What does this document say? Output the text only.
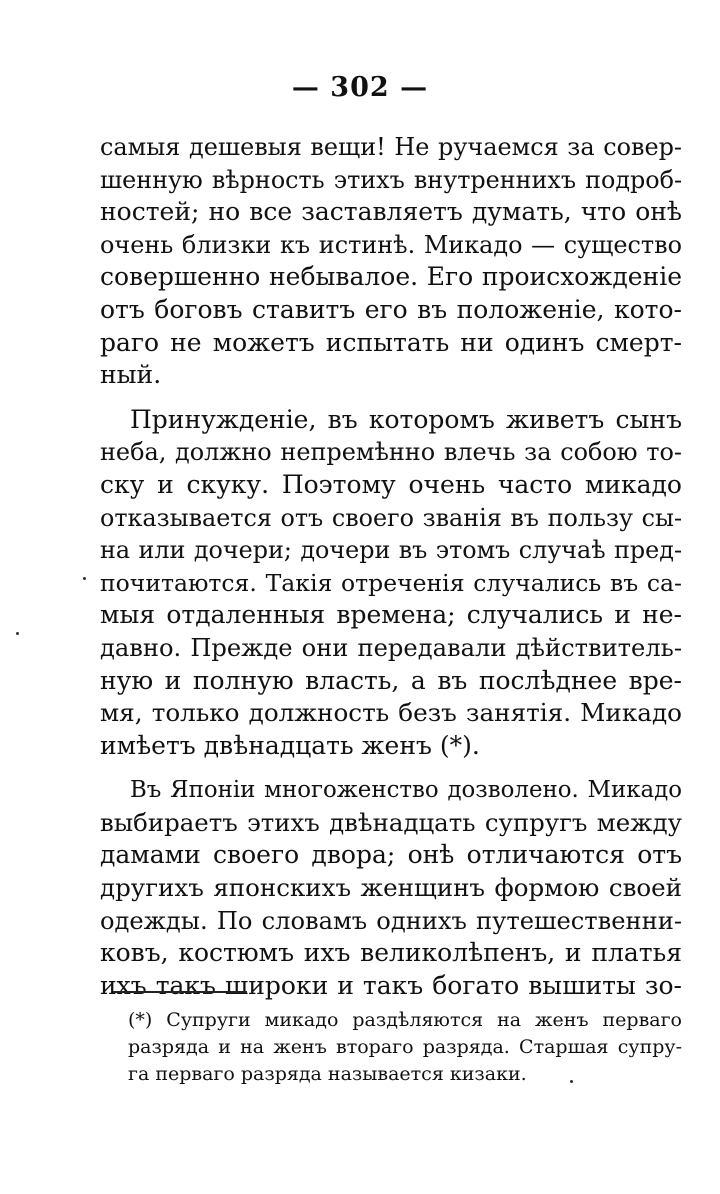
— 302 —
самыя дешевыя вещи! Не ручаемся за совер-
шенную вѣрность этихъ внутреннихъ подроб-
ностей; но все заставляетъ думать, что онѣ
очень близки къ истинѣ. Микадо — существо
совершенно небывалое. Его происхожденіе
отъ боговъ ставитъ его въ положеніе, кото-
раго не можетъ испытать ни одинъ смерт-
ный.
Принужденіе, въ которомъ живетъ сынъ
неба, должно непремѣнно влечь за собою то-
ску и скуку. Поэтому очень часто микадо
отказывается отъ своего званія въ пользу сы-
на или дочери; дочери въ этомъ случаѣ пред-
почитаются. Такія отреченія случались въ са-
мыя отдаленныя времена; случались и не-
давно. Прежде они передавали дѣйствитель-
ную и полную власть, а въ послѣднее вре-
мя, только должность безъ занятія. Микадо
имѣетъ двѣнадцать женъ (*).
Въ Японіи многоженство дозволено. Микадо
выбираетъ этихъ двѣнадцать супругъ между
дамами своего двора; онѣ отличаются отъ
другихъ японскихъ женщинъ формою своей
одежды. По словамъ однихъ путешественни-
ковъ, костюмъ ихъ великолѣпенъ, и платья
ихъ такъ широки и такъ богато вышиты зо-
(*) Супруги микадо раздѣляются на женъ перваго
разряда и на женъ втораго разряда. Старшая супру-
га перваго разряда называется кизаки.
